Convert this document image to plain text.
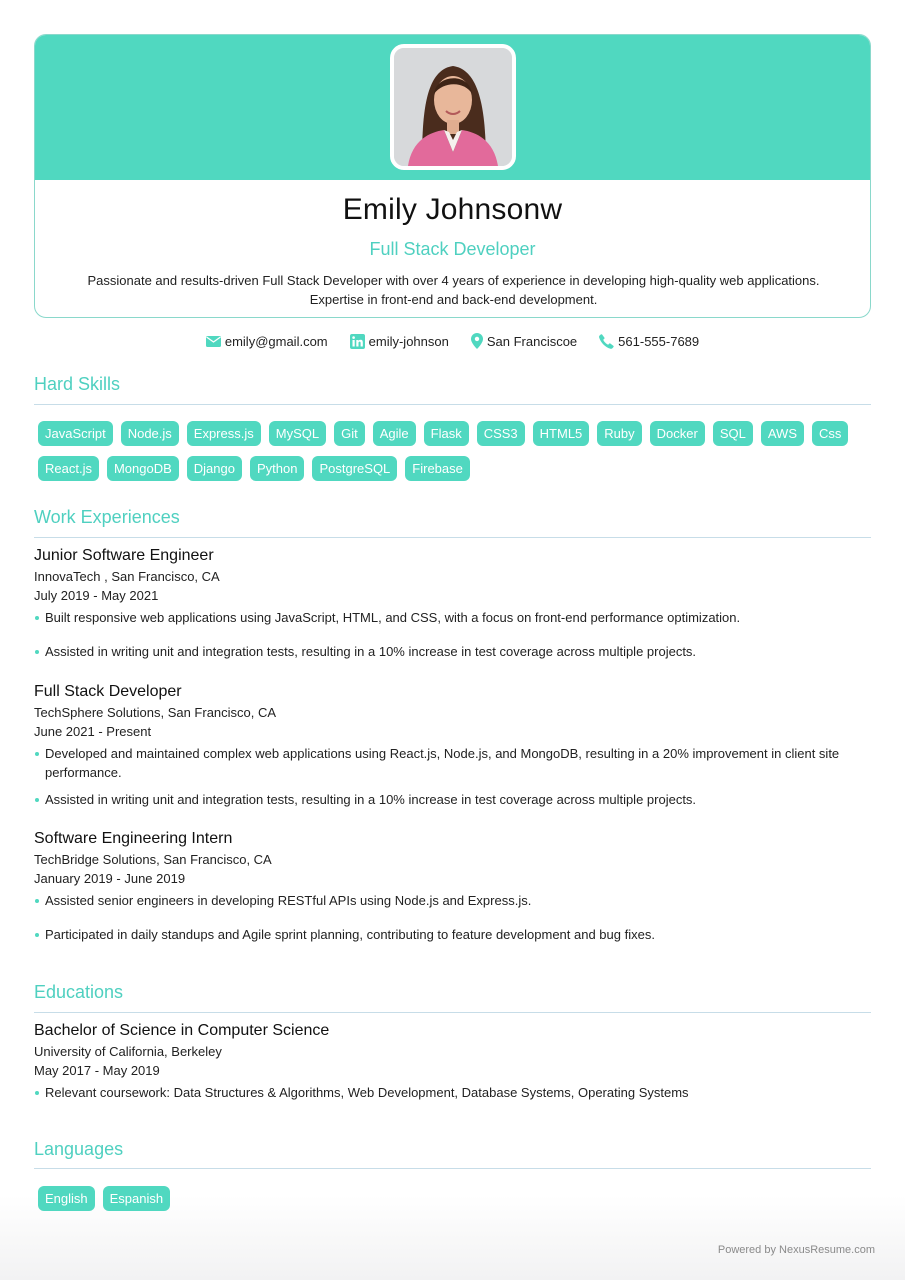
Emily Johnsonw
Full Stack Developer
Passionate and results-driven Full Stack Developer with over 4 years of experience in developing high-quality web applications. Expertise in front-end and back-end development.
emily@gmail.com	emily-johnson	San Franciscoe	561-555-7689
Hard Skills
JavaScript	Node.js	Express.js	MySQL	Git	Agile	Flask	CSS3	HTML5	Ruby	Docker	SQL	AWS	Css
React.js	MongoDB	Django	Python	PostgreSQL	Firebase
Work Experiences
Junior Software Engineer
InnovaTech , San Francisco, CA
July 2019 - May 2021
Built responsive web applications using JavaScript, HTML, and CSS, with a focus on front-end performance optimization.
Assisted in writing unit and integration tests, resulting in a 10% increase in test coverage across multiple projects.
Full Stack Developer
TechSphere Solutions, San Francisco, CA
June 2021 - Present
Developed and maintained complex web applications using React.js, Node.js, and MongoDB, resulting in a 20% improvement in client site performance.
Assisted in writing unit and integration tests, resulting in a 10% increase in test coverage across multiple projects.
Software Engineering Intern
TechBridge Solutions, San Francisco, CA
January 2019 - June 2019
Assisted senior engineers in developing RESTful APIs using Node.js and Express.js.
Participated in daily standups and Agile sprint planning, contributing to feature development and bug fixes.
Educations
Bachelor of Science in Computer Science
University of California, Berkeley
May 2017 - May 2019
Relevant coursework: Data Structures & Algorithms, Web Development, Database Systems, Operating Systems
Languages
English	Espanish
Powered by NexusResume.com
